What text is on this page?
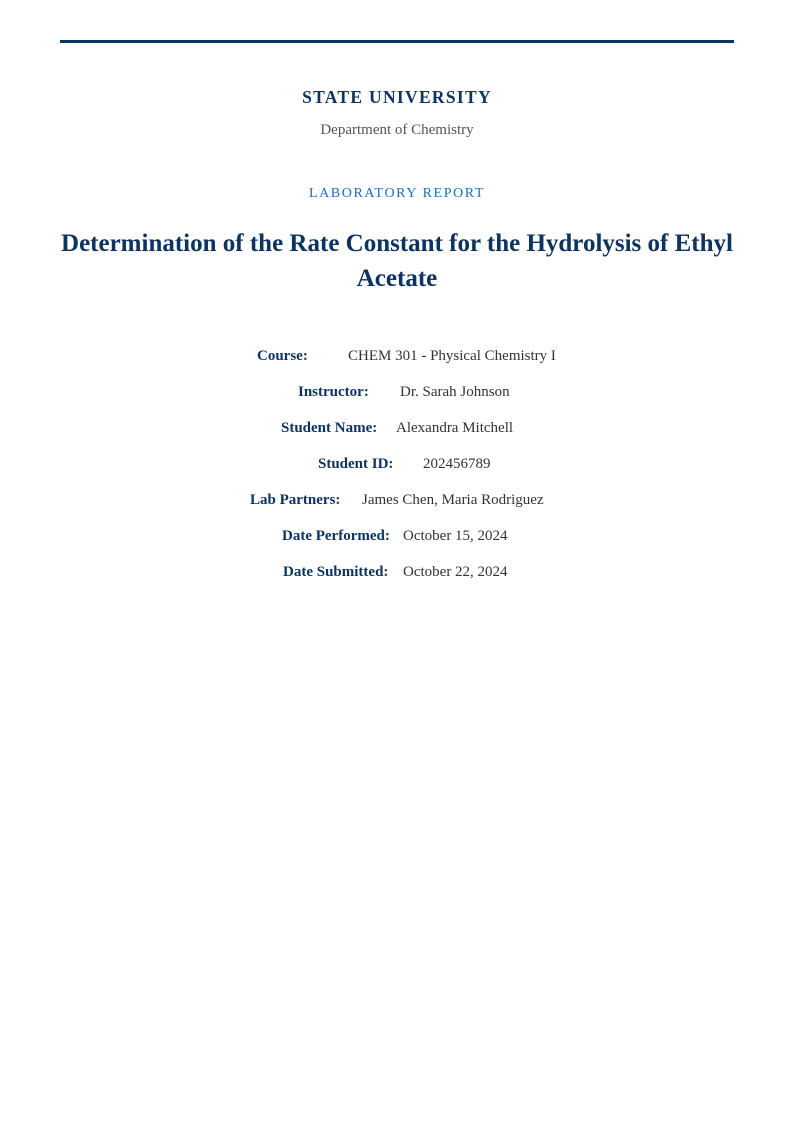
STATE UNIVERSITY
Department of Chemistry
LABORATORY REPORT
Determination of the Rate Constant for the Hydrolysis of Ethyl Acetate
Course:	CHEM 301 - Physical Chemistry I
Instructor: Dr. Sarah Johnson
Student Name: Alexandra Mitchell
Student ID: 202456789
Lab Partners: James Chen, Maria Rodriguez
Date Performed: October 15, 2024
Date Submitted: October 22, 2024
